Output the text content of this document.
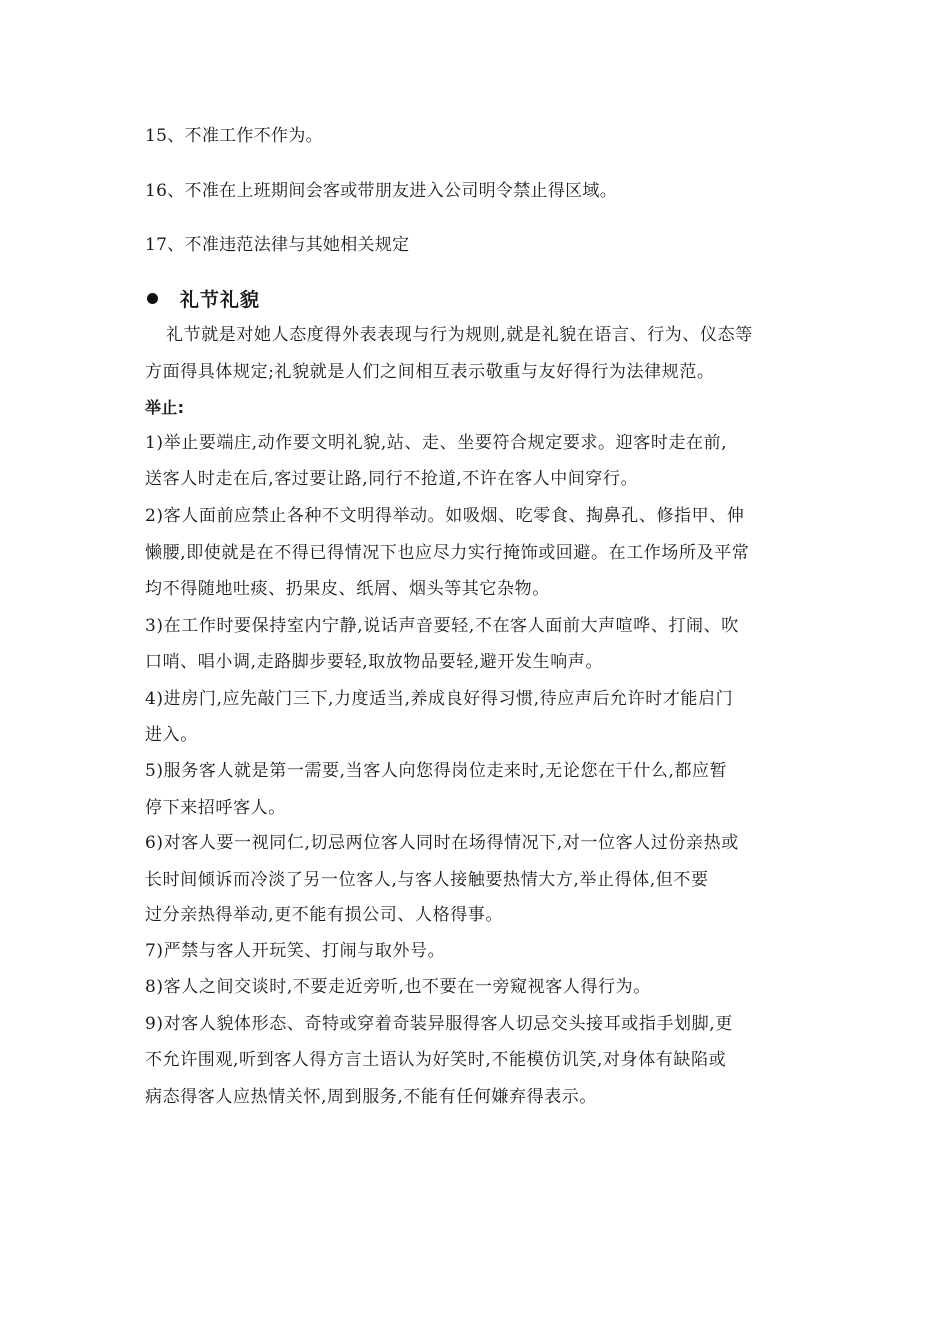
15、不准工作不作为。
16、不准在上班期间会客或带朋友进入公司明令禁止得区域。
17、不准违范法律与其她相关规定
礼节礼貌
礼节就是对她人态度得外表表现与行为规则,就是礼貌在语言、行为、仪态等
方面得具体规定;礼貌就是人们之间相互表示敬重与友好得行为法律规范。
举止:
1)举止要端庄,动作要文明礼貌,站、走、坐要符合规定要求。迎客时走在前,
送客人时走在后,客过要让路,同行不抢道,不许在客人中间穿行。
2)客人面前应禁止各种不文明得举动。如吸烟、吃零食、掏鼻孔、修指甲、伸
懒腰,即使就是在不得已得情况下也应尽力实行掩饰或回避。在工作场所及平常
均不得随地吐痰、扔果皮、纸屑、烟头等其它杂物。
3)在工作时要保持室内宁静,说话声音要轻,不在客人面前大声喧哗、打闹、吹
口哨、唱小调,走路脚步要轻,取放物品要轻,避开发生响声。
4)进房门,应先敲门三下,力度适当,养成良好得习惯,待应声后允许时才能启门
进入。
5)服务客人就是第一需要,当客人向您得岗位走来时,无论您在干什么,都应暂
停下来招呼客人。
6)对客人要一视同仁,切忌两位客人同时在场得情况下,对一位客人过份亲热或
长时间倾诉而冷淡了另一位客人,与客人接触要热情大方,举止得体,但不要
过分亲热得举动,更不能有损公司、人格得事。
7)严禁与客人开玩笑、打闹与取外号。
8)客人之间交谈时,不要走近旁听,也不要在一旁窥视客人得行为。
9)对客人貌体形态、奇特或穿着奇装异服得客人切忌交头接耳或指手划脚,更
不允许围观,听到客人得方言土语认为好笑时,不能模仿讥笑,对身体有缺陷或
病态得客人应热情关怀,周到服务,不能有任何嫌弃得表示。
